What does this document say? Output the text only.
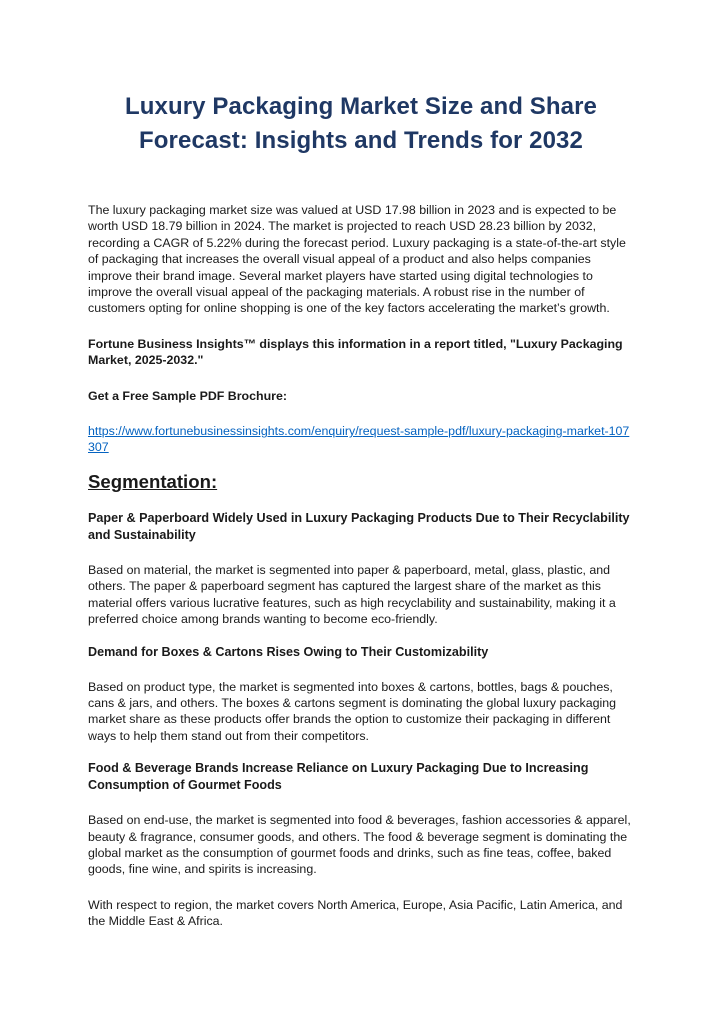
Luxury Packaging Market Size and Share
Forecast: Insights and Trends for 2032

The luxury packaging market size was valued at USD 17.98 billion in 2023 and is expected to be worth USD 18.79 billion in 2024. The market is projected to reach USD 28.23 billion by 2032, recording a CAGR of 5.22% during the forecast period. Luxury packaging is a state-of-the-art style of packaging that increases the overall visual appeal of a product and also helps companies improve their brand image. Several market players have started using digital technologies to improve the overall visual appeal of the packaging materials. A robust rise in the number of customers opting for online shopping is one of the key factors accelerating the market’s growth.

Fortune Business Insights™ displays this information in a report titled, "Luxury Packaging Market, 2025-2032."

Get a Free Sample PDF Brochure:

https://www.fortunebusinessinsights.com/enquiry/request-sample-pdf/luxury-packaging-market-107307

Segmentation:
Paper & Paperboard Widely Used in Luxury Packaging Products Due to Their Recyclability and Sustainability

Based on material, the market is segmented into paper & paperboard, metal, glass, plastic, and others. The paper & paperboard segment has captured the largest share of the market as this material offers various lucrative features, such as high recyclability and sustainability, making it a preferred choice among brands wanting to become eco-friendly.

Demand for Boxes & Cartons Rises Owing to Their Customizability

Based on product type, the market is segmented into boxes & cartons, bottles, bags & pouches, cans & jars, and others. The boxes & cartons segment is dominating the global luxury packaging market share as these products offer brands the option to customize their packaging in different ways to help them stand out from their competitors.

Food & Beverage Brands Increase Reliance on Luxury Packaging Due to Increasing Consumption of Gourmet Foods

Based on end-use, the market is segmented into food & beverages, fashion accessories & apparel, beauty & fragrance, consumer goods, and others. The food & beverage segment is dominating the global market as the consumption of gourmet foods and drinks, such as fine teas, coffee, baked goods, fine wine, and spirits is increasing.

With respect to region, the market covers North America, Europe, Asia Pacific, Latin America, and the Middle East & Africa.
